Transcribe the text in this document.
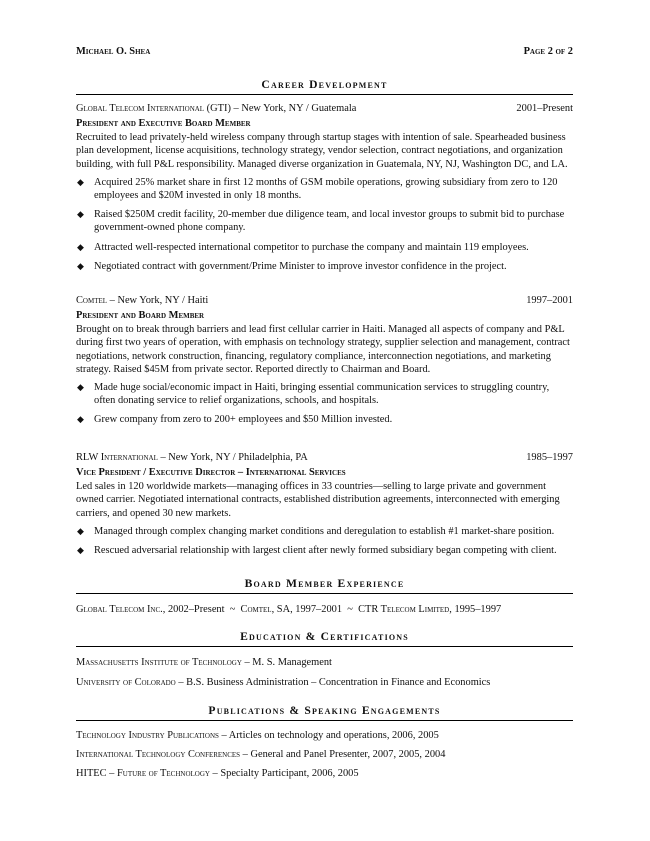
Michael O. Shea	Page 2 of 2
Career Development
Global Telecom International (GTI) – New York, NY / Guatemala	2001–Present
President and Executive Board Member

Recruited to lead privately-held wireless company through startup stages with intention of sale. Spearheaded business plan development, license acquisitions, technology strategy, vendor selection, contract negotiations, and organization building, with full P&L responsibility. Managed diverse organization in Guatemala, NY, NJ, Washington DC, and LA.

◆ Acquired 25% market share in first 12 months of GSM mobile operations, growing subsidiary from zero to 120 employees and $20M invested in only 18 months.
◆ Raised $250M credit facility, 20-member due diligence team, and local investor groups to submit bid to purchase government-owned phone company.
◆ Attracted well-respected international competitor to purchase the company and maintain 119 employees.
◆ Negotiated contract with government/Prime Minister to improve investor confidence in the project.
Comtel – New York, NY / Haiti	1997–2001
President and Board Member

Brought on to break through barriers and lead first cellular carrier in Haiti. Managed all aspects of company and P&L during first two years of operation, with emphasis on technology strategy, supplier selection and management, contract negotiations, network construction, financing, regulatory compliance, interconnection negotiations, and marketing strategy. Raised $45M from private sector. Reported directly to Chairman and Board.

◆ Made huge social/economic impact in Haiti, bringing essential communication services to struggling country, often donating service to relief organizations, schools, and hospitals.
◆ Grew company from zero to 200+ employees and $50 Million invested.
RLW International – New York, NY / Philadelphia, PA	1985–1997
Vice President / Executive Director – International Services

Led sales in 120 worldwide markets—managing offices in 33 countries—selling to large private and government owned carrier. Negotiated international contracts, established distribution agreements, interconnected with emerging carriers, and opened 30 new markets.

◆ Managed through complex changing market conditions and deregulation to establish #1 market-share position.
◆ Rescued adversarial relationship with largest client after newly formed subsidiary began competing with client.
Board Member Experience

Global Telecom Inc., 2002–Present ~ Comtel, SA, 1997–2001 ~ CTR Telecom Limited, 1995–1997

Education & Certifications

Massachusetts Institute of Technology – M. S. Management

University of Colorado – B.S. Business Administration – Concentration in Finance and Economics

Publications & Speaking Engagements

Technology Industry Publications – Articles on technology and operations, 2006, 2005

International Technology Conferences – General and Panel Presenter, 2007, 2005, 2004

HITEC – Future of Technology – Specialty Participant, 2006, 2005
